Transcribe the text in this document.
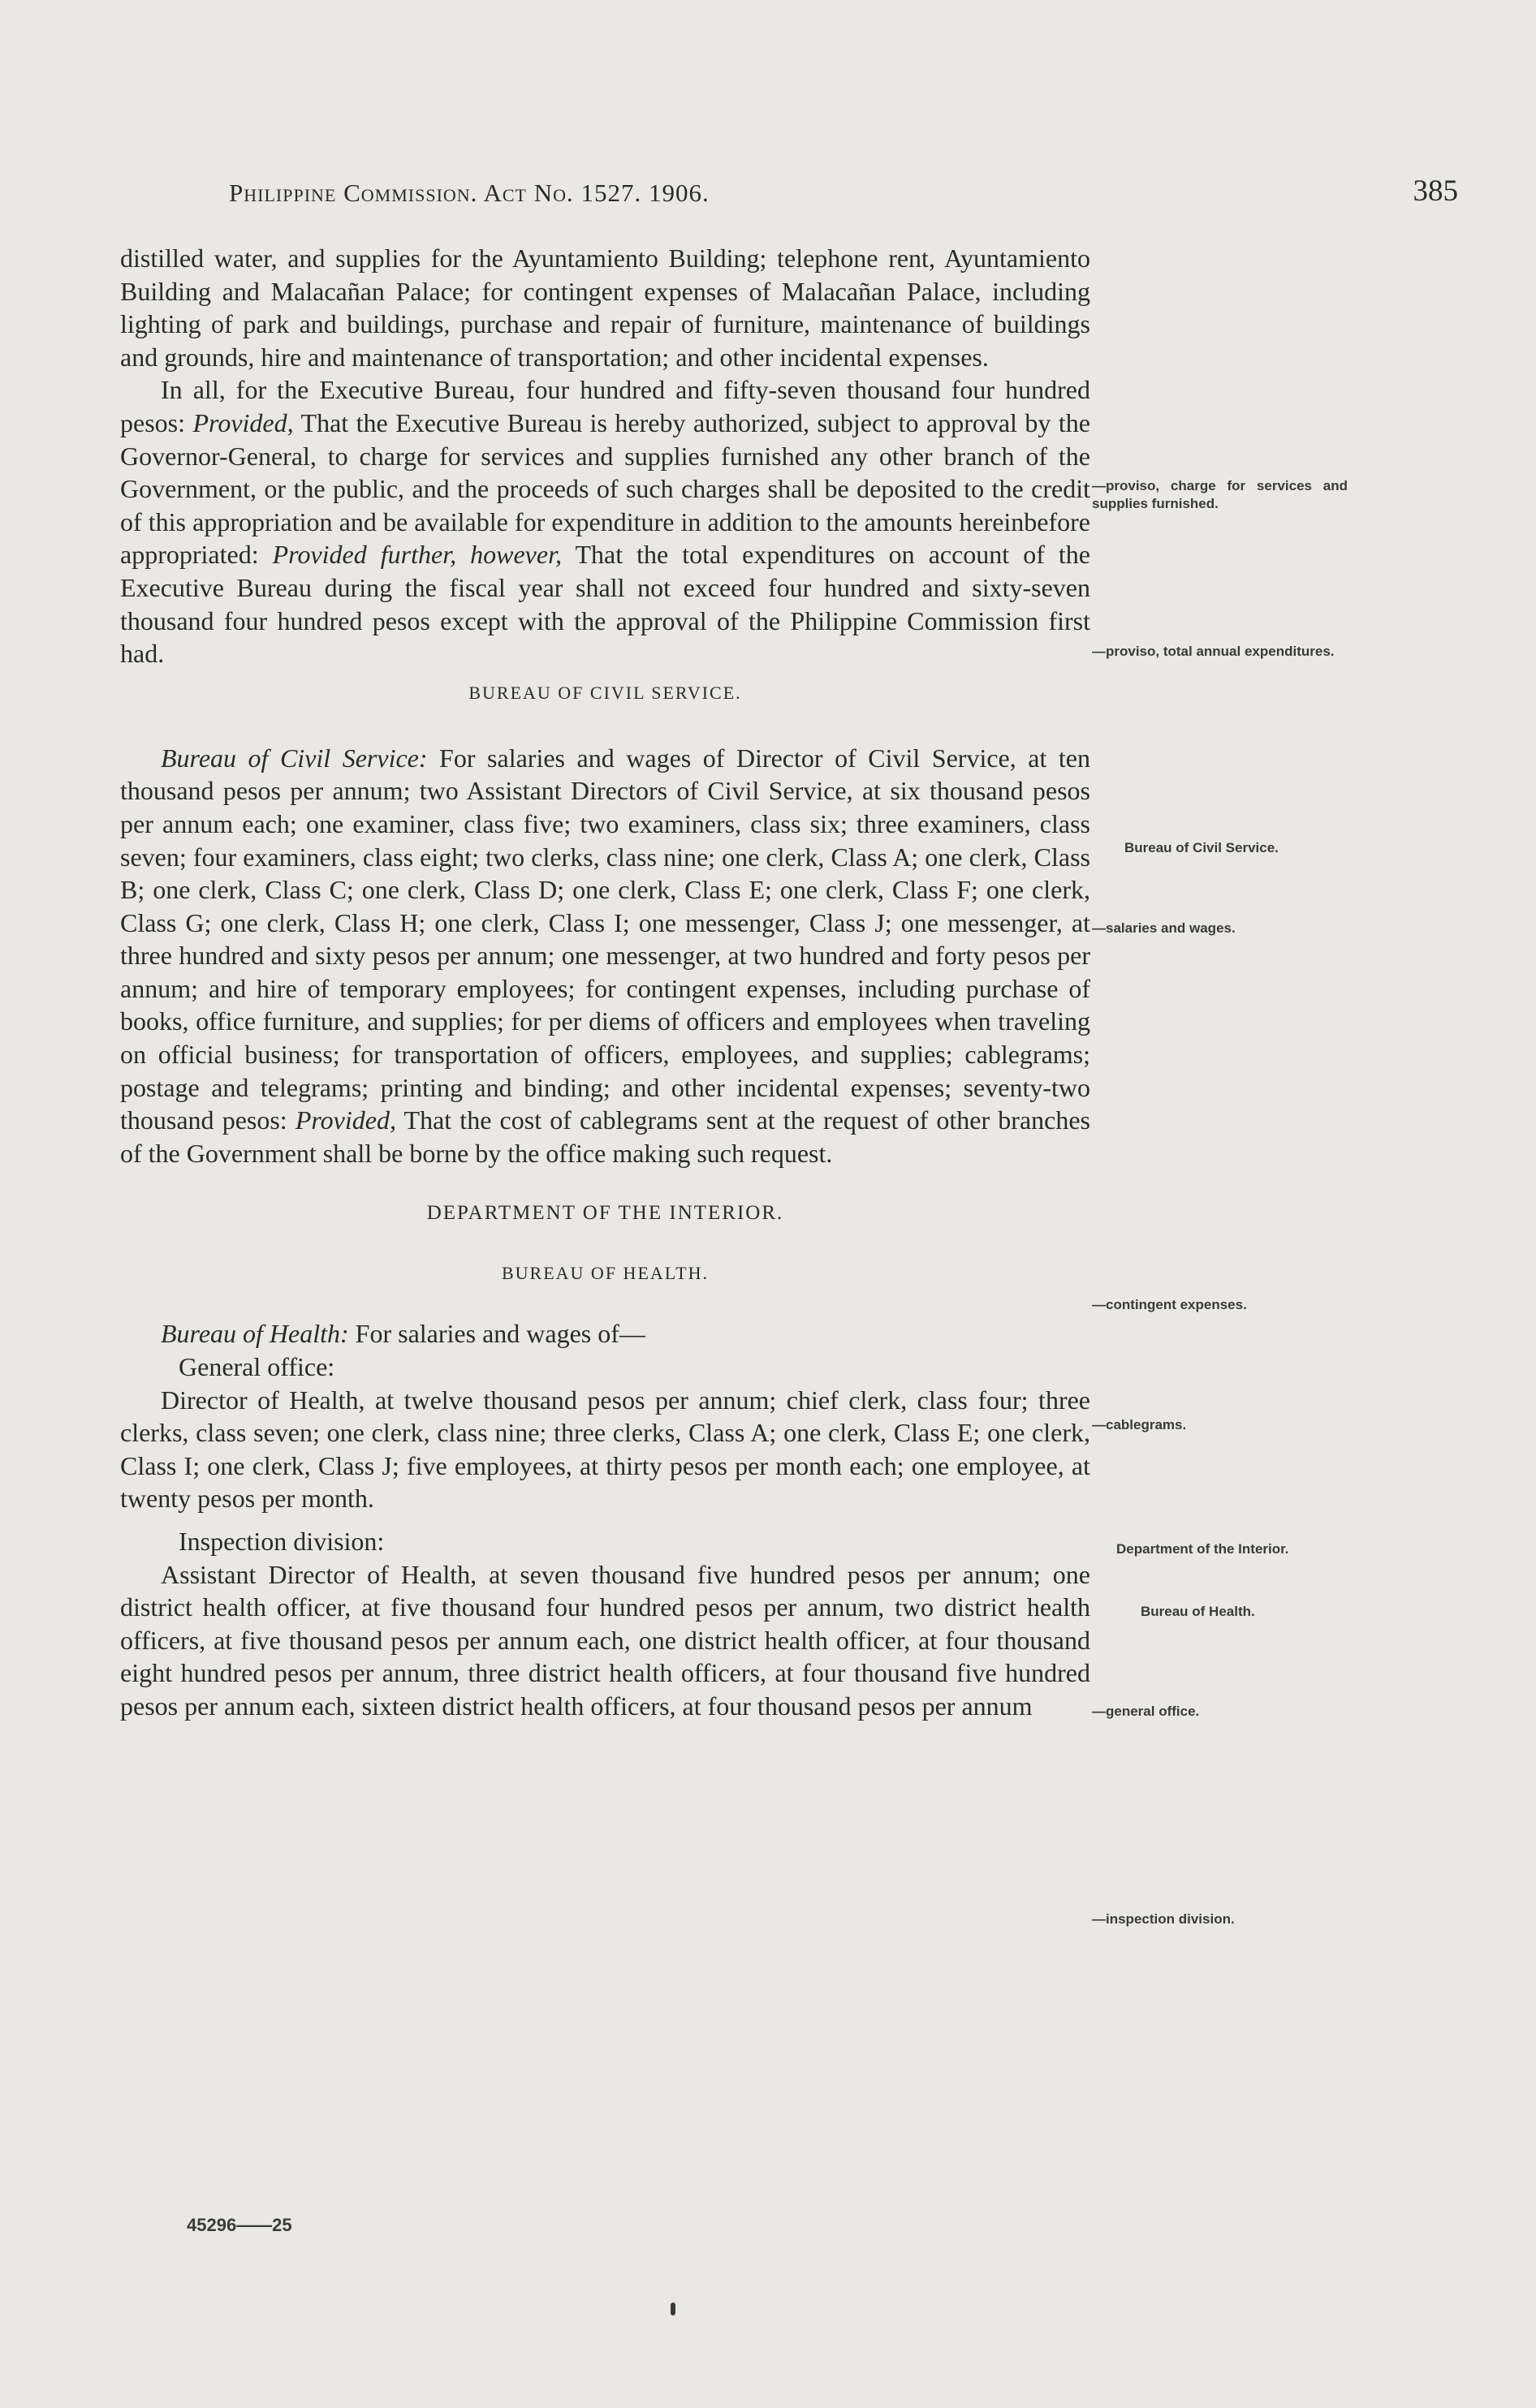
Philippine Commission. Act No. 1527. 1906.	385

distilled water, and supplies for the Ayuntamiento Building; telephone rent, Ayuntamiento Building and Malacañan Palace; for contingent expenses of Malacañan Palace, including lighting of park and buildings, purchase and repair of furniture, maintenance of buildings and grounds, hire and maintenance of transportation; and other incidental expenses.

In all, for the Executive Bureau, four hundred and fifty-seven thousand four hundred pesos: Provided, That the Executive Bureau is hereby authorized, subject to approval by the Governor-General, to charge for services and supplies furnished any other branch of the Government, or the public, and the proceeds of such charges shall be deposited to the credit of this appropriation and be available for expenditure in addition to the amounts hereinbefore appropriated: Provided further, however, That the total expenditures on account of the Executive Bureau during the fiscal year shall not exceed four hundred and sixty-seven thousand four hundred pesos except with the approval of the Philippine Commission first had.

BUREAU OF CIVIL SERVICE.

Bureau of Civil Service: For salaries and wages of Director of Civil Service, at ten thousand pesos per annum; two Assistant Directors of Civil Service, at six thousand pesos per annum each; one examiner, class five; two examiners, class six; three examiners, class seven; four examiners, class eight; two clerks, class nine; one clerk, Class A; one clerk, Class B; one clerk, Class C; one clerk, Class D; one clerk, Class E; one clerk, Class F; one clerk, Class G; one clerk, Class H; one clerk, Class I; one messenger, Class J; one messenger, at three hundred and sixty pesos per annum; one messenger, at two hundred and forty pesos per annum; and hire of temporary employees; for contingent expenses, including purchase of books, office furniture, and supplies; for per diems of officers and employees when traveling on official business; for transportation of officers, employees, and supplies; cablegrams; postage and telegrams; printing and binding; and other incidental expenses; seventy-two thousand pesos: Provided, That the cost of cablegrams sent at the request of other branches of the Government shall be borne by the office making such request.

DEPARTMENT OF THE INTERIOR.
BUREAU OF HEALTH.

Bureau of Health: For salaries and wages of—

General office:

Director of Health, at twelve thousand pesos per annum; chief clerk, class four; three clerks, class seven; one clerk, class nine; three clerks, Class A; one clerk, Class E; one clerk, Class I; one clerk, Class J; five employees, at thirty pesos per month each; one employee, at twenty pesos per month.

Inspection division:

Assistant Director of Health, at seven thousand five hundred pesos per annum; one district health officer, at five thousand four hundred pesos per annum, two district health officers, at five thousand pesos per annum each, one district health officer, at four thousand eight hundred pesos per annum, three district health officers, at four thousand five hundred pesos per annum each, sixteen district health officers, at four thousand pesos per annum

—proviso, charge for services and supplies furnished.
—proviso, total annual expenditures.
Bureau of Civil Service.
—salaries and wages.
—contingent expenses.
—cablegrams.
Department of the Interior.
Bureau of Health.
—general office.
—inspection division.
45296——25
